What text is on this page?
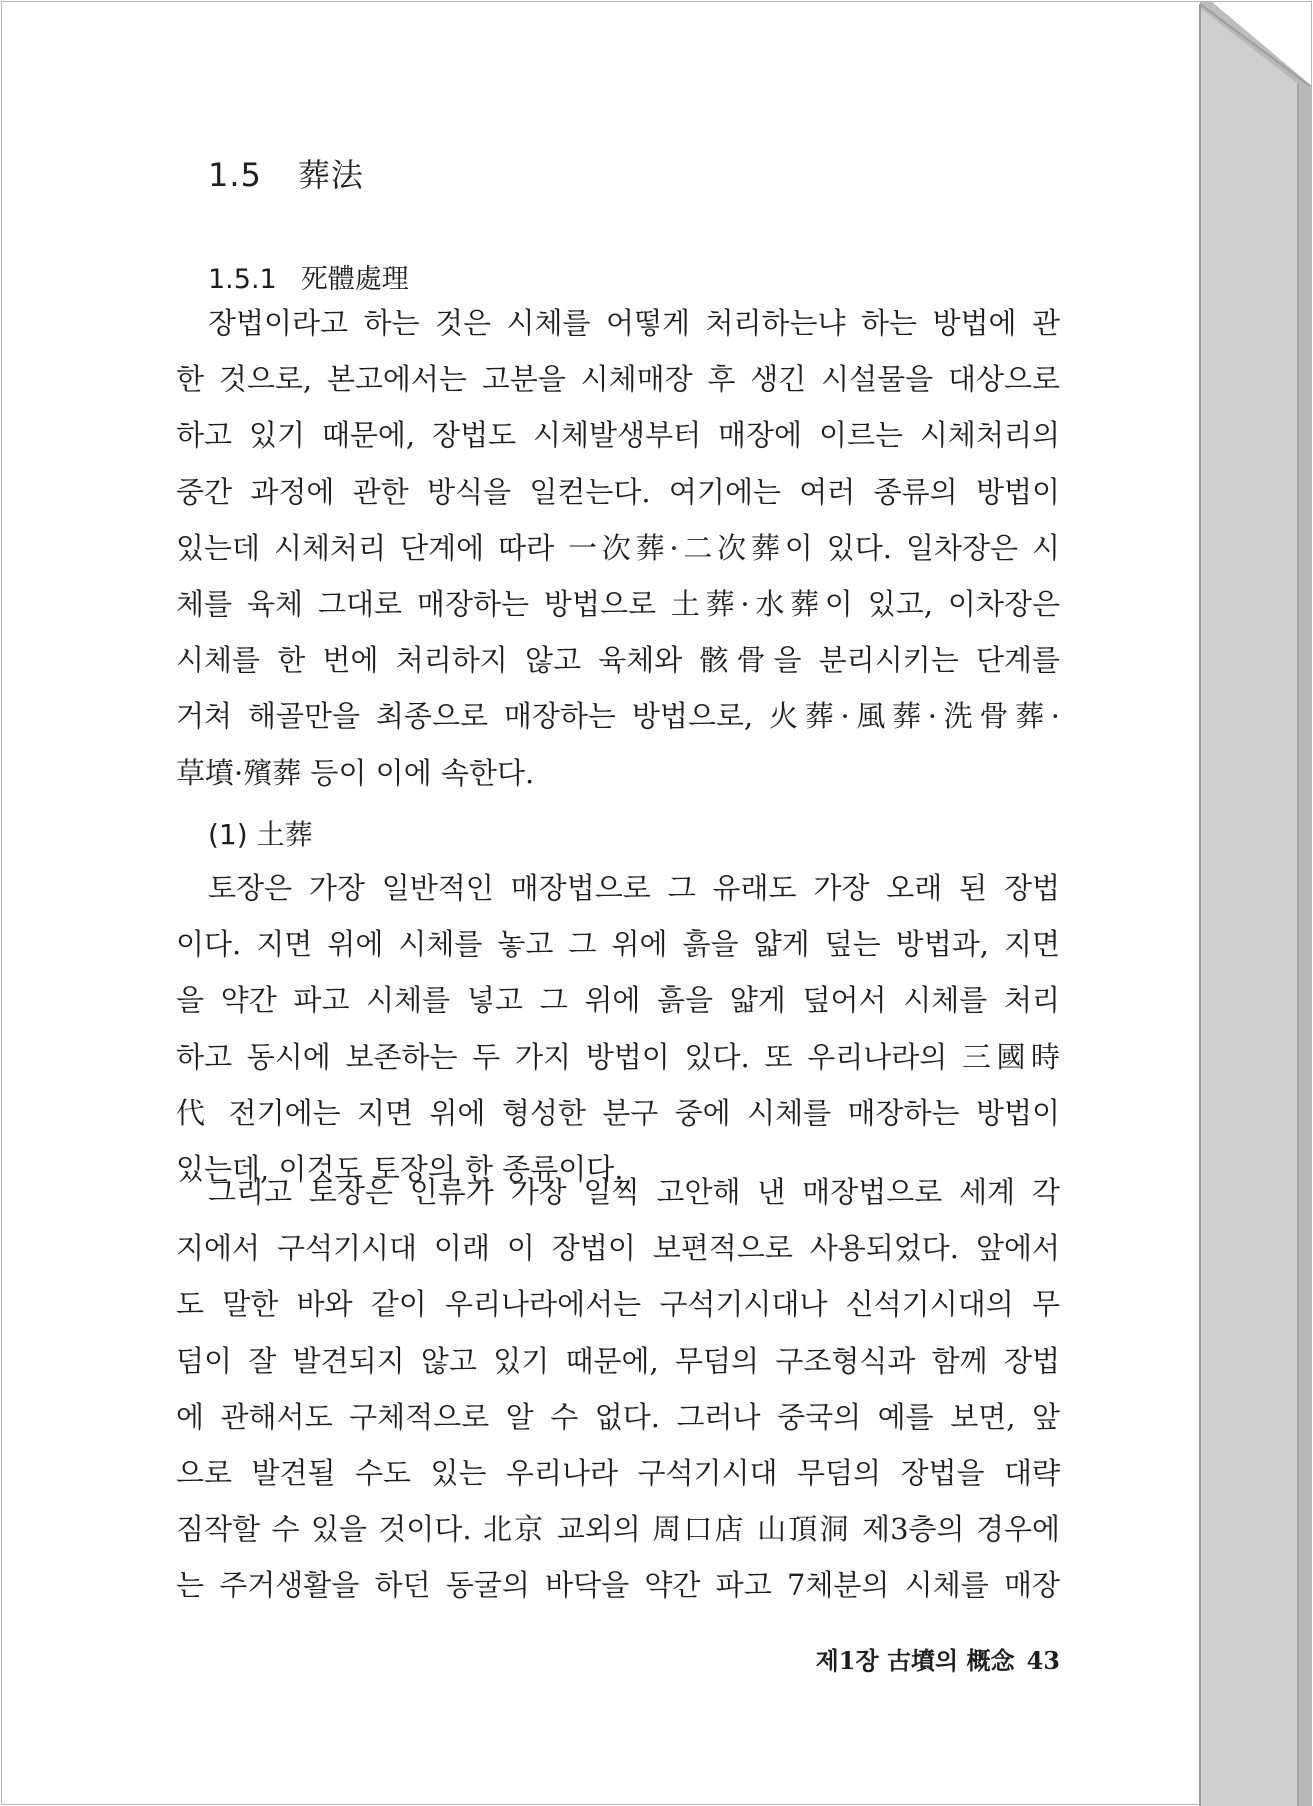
1.5 葬法
1.5.1 死體處理
장법이라고 하는 것은 시체를 어떻게 처리하는냐 하는 방법에 관
한 것으로, 본고에서는 고분을 시체매장 후 생긴 시설물을 대상으로
하고 있기 때문에, 장법도 시체발생부터 매장에 이르는 시체처리의
중간 과정에 관한 방식을 일컫는다. 여기에는 여러 종류의 방법이
있는데 시체처리 단계에 따라 一次葬·二次葬이 있다. 일차장은 시
체를 육체 그대로 매장하는 방법으로 土葬·水葬이 있고, 이차장은
시체를 한 번에 처리하지 않고 육체와 骸骨을 분리시키는 단계를
거쳐 해골만을 최종으로 매장하는 방법으로, 火葬·風葬·洗骨葬·
草墳·殯葬 등이 이에 속한다.
(1) 土葬
토장은 가장 일반적인 매장법으로 그 유래도 가장 오래 된 장법
이다. 지면 위에 시체를 놓고 그 위에 흙을 얇게 덮는 방법과, 지면
을 약간 파고 시체를 넣고 그 위에 흙을 얇게 덮어서 시체를 처리
하고 동시에 보존하는 두 가지 방법이 있다. 또 우리나라의 三國時
代 전기에는 지면 위에 형성한 분구 중에 시체를 매장하는 방법이
있는데, 이것도 토장의 한 종류이다.
그리고 토장은 인류가 가장 일찍 고안해 낸 매장법으로 세계 각
지에서 구석기시대 이래 이 장법이 보편적으로 사용되었다. 앞에서
도 말한 바와 같이 우리나라에서는 구석기시대나 신석기시대의 무
덤이 잘 발견되지 않고 있기 때문에, 무덤의 구조형식과 함께 장법
에 관해서도 구체적으로 알 수 없다. 그러나 중국의 예를 보면, 앞
으로 발견될 수도 있는 우리나라 구석기시대 무덤의 장법을 대략
짐작할 수 있을 것이다. 北京 교외의 周口店 山頂洞 제3층의 경우에
는 주거생활을 하던 동굴의 바닥을 약간 파고 7체분의 시체를 매장
제1장 古墳의 概念 43
